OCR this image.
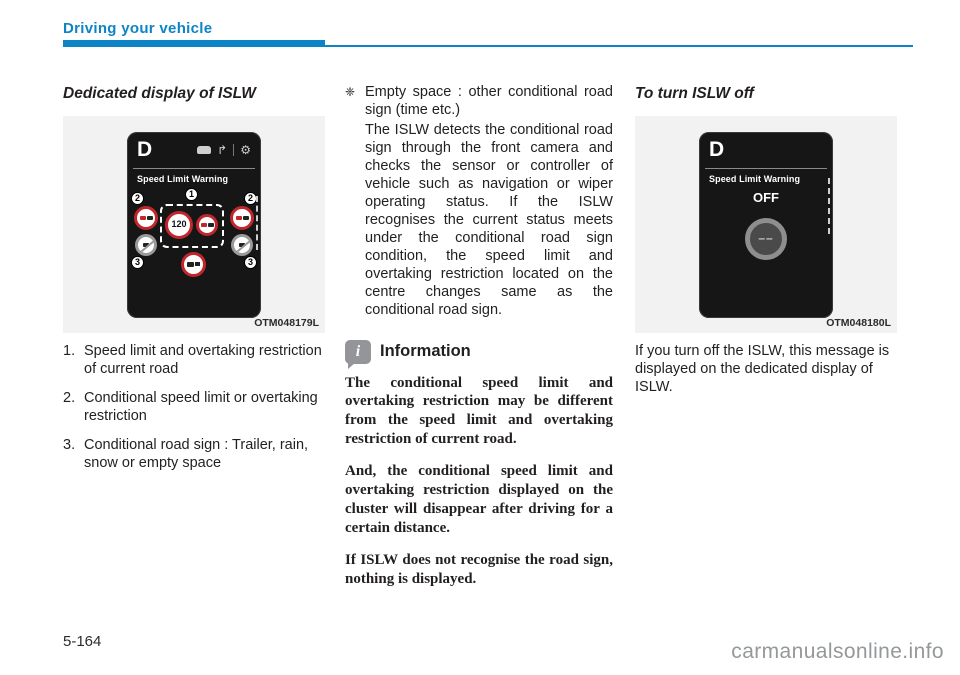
Driving your vehicle
Dedicated display of ISLW
D	↱ ⚙
Speed Limit Warning
1
2	2
3	3
120
OTM048179L
1. Speed limit and overtaking restriction of current road
2. Conditional speed limit or overtaking restriction
3. Conditional road sign : Trailer, rain, snow or empty space
❈ Empty space : other conditional road sign (time etc.)
The ISLW detects the conditional road sign through the front camera and checks the sensor or controller of vehicle such as navigation or wiper operating status. If the ISLW recognises the current status meets under the conditional road sign condition, the speed limit and overtaking restriction located on the centre changes same as the conditional road sign.
i	Information

The conditional speed limit and overtaking restriction may be different from the speed limit and overtaking restriction of current road.

And, the conditional speed limit and overtaking restriction displayed on the cluster will disappear after driving for a certain distance.

If ISLW does not recognise the road sign, nothing is displayed.

To turn ISLW off
D
Speed Limit Warning
OFF
––
OTM048180L
If you turn off the ISLW, this message is displayed on the dedicated display of ISLW.
5-164	carmanualsonline.info
